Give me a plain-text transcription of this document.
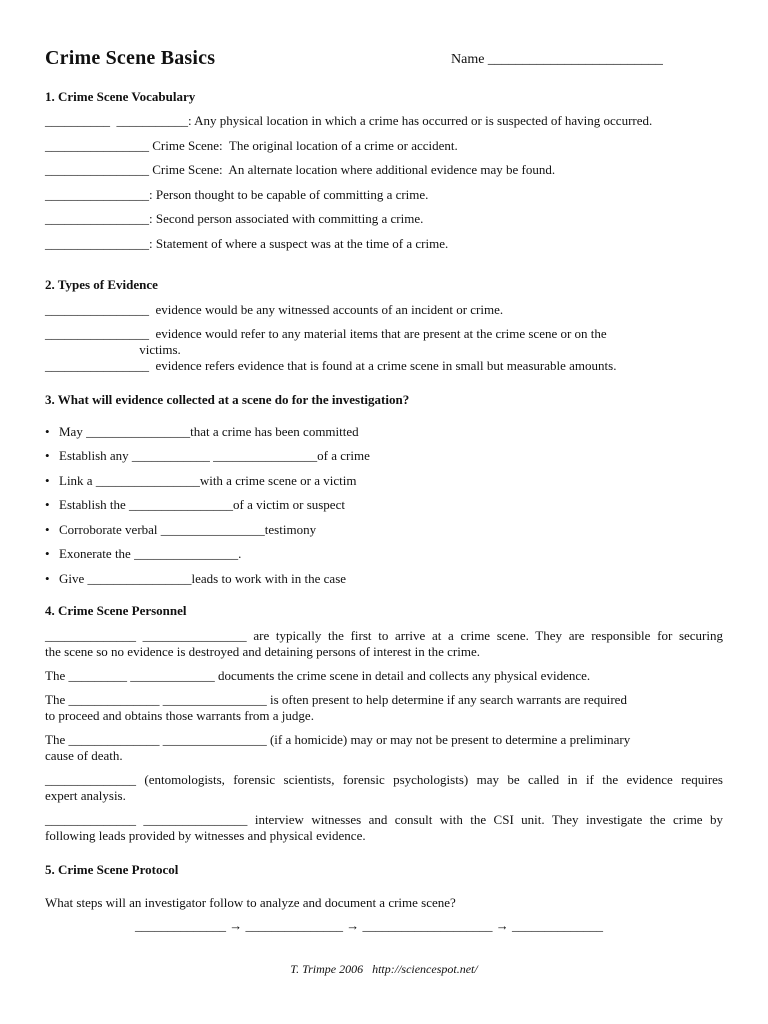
Crime Scene Basics	Name _________________________
1. Crime Scene Vocabulary
__________  ___________: Any physical location in which a crime has occurred or is suspected of having occurred.
________________ Crime Scene:  The original location of a crime or accident.
________________ Crime Scene:  An alternate location where additional evidence may be found.
________________: Person thought to be capable of committing a crime.
________________: Second person associated with committing a crime.
________________: Statement of where a suspect was at the time of a crime.
2. Types of Evidence
________________  evidence would be any witnessed accounts of an incident or crime.
________________  evidence would refer to any material items that are present at the crime scene or on the
victims.
________________  evidence refers evidence that is found at a crime scene in small but measurable amounts.
3. What will evidence collected at a scene do for the investigation?
• May ________________that a crime has been committed
• Establish any ____________ ________________of a crime
• Link a ________________with a crime scene or a victim
• Establish the ________________of a victim or suspect
• Corroborate verbal ________________testimony
• Exonerate the ________________.
• Give ________________leads to work with in the case
4. Crime Scene Personnel
______________ ________________ are typically the first to arrive at a crime scene. They are responsible for securing
the scene so no evidence is destroyed and detaining persons of interest in the crime.
The _________ _____________ documents the crime scene in detail and collects any physical evidence.
The ______________ ________________ is often present to help determine if any search warrants are required
to proceed and obtains those warrants from a judge.
The ______________ ________________ (if a homicide) may or may not be present to determine a preliminary
cause of death.
______________ (entomologists, forensic scientists, forensic psychologists) may be called in if the evidence requires
expert analysis.
______________ ________________ interview witnesses and consult with the CSI unit. They investigate the crime by
following leads provided by witnesses and physical evidence.
5. Crime Scene Protocol
What steps will an investigator follow to analyze and document a crime scene?
______________ → _______________ → ____________________ → ______________
T. Trimpe 2006   http://sciencespot.net/
